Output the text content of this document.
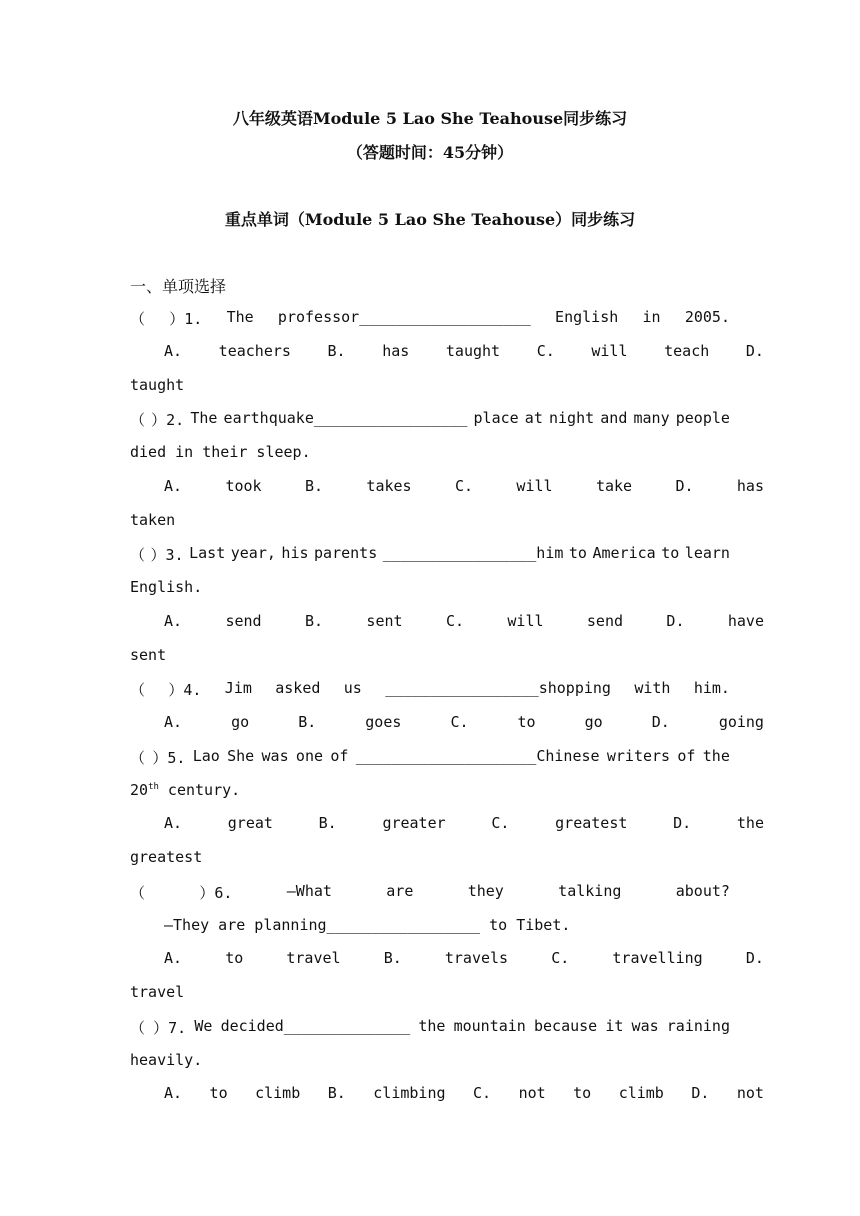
八年级英语Module 5 Lao She Teahouse同步练习
（答题时间：45分钟）
重点单词（Module 5 Lao She Teahouse）同步练习
一、单项选择
（ ）1. The professor___________________ English in 2005.
A. teachers B. has taught C. will teach D.
taught
（ ）2. The earthquake_________________ place at night and many people
died in their sleep.
A.	took	B.	takes	C.	will	take	D.	has
taken
（ ）3. Last year, his parents _________________him to America to learn
English.
A.	send	B.	sent	C.	will	send	D.	have
sent
（ ）4. Jim asked us _________________shopping with him.
A.	go	B.	goes	C.	to	go	D.	going
（ ）5. Lao She was one of ____________________Chinese writers of the
20th century.
A.	great	B.	greater	C.	greatest	D.	the
greatest
（	）6.	—What	are	they	talking	about?
—They are planning_________________ to Tibet.
A.	to	travel	B.	travels	C.	travelling	D.
travel
（ ）7. We decided______________ the mountain because it was raining
heavily.
A. to climb B. climbing C. not to climb D. not
